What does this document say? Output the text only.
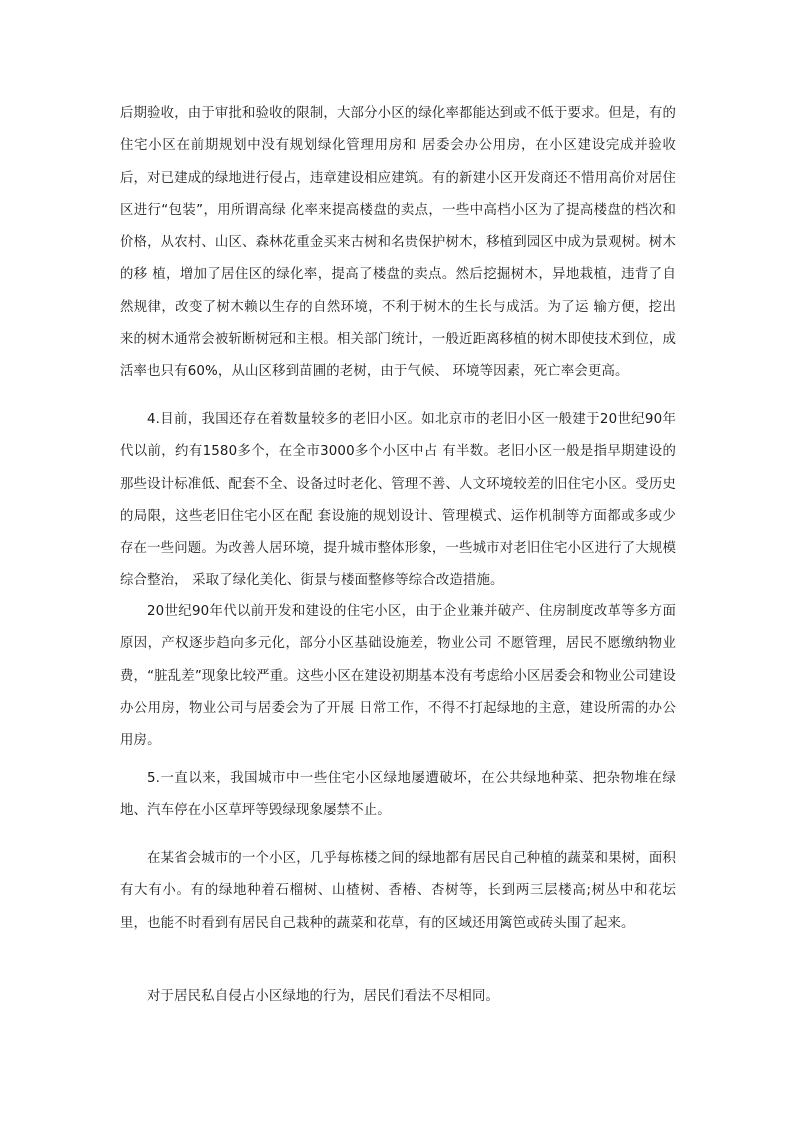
后期验收，由于审批和验收的限制，大部分小区的绿化率都能达到或不低于要求。但是，有的住宅小区在前期规划中没有规划绿化管理用房和 居委会办公用房，在小区建设完成并验收后，对已建成的绿地进行侵占，违章建设相应建筑。有的新建小区开发商还不惜用高价对居住区进行“包装”，用所谓高绿 化率来提高楼盘的卖点，一些中高档小区为了提高楼盘的档次和价格，从农村、山区、森林花重金买来古树和名贵保护树木，移植到园区中成为景观树。树木的移 植，增加了居住区的绿化率，提高了楼盘的卖点。然后挖掘树木，异地栽植，违背了自然规律，改变了树木赖以生存的自然环境，不利于树木的生长与成活。为了运 输方便，挖出来的树木通常会被斩断树冠和主根。相关部门统计，一般近距离移植的树木即使技术到位，成活率也只有60%，从山区移到苗圃的老树，由于气候、 环境等因素，死亡率会更高。

4.目前，我国还存在着数量较多的老旧小区。如北京市的老旧小区一般建于20世纪90年代以前，约有1580多个，在全市3000多个小区中占 有半数。老旧小区一般是指早期建设的那些设计标准低、配套不全、设备过时老化、管理不善、人文环境较差的旧住宅小区。受历史的局限，这些老旧住宅小区在配 套设施的规划设计、管理模式、运作机制等方面都或多或少存在一些问题。为改善人居环境，提升城市整体形象，一些城市对老旧住宅小区进行了大规模综合整治， 采取了绿化美化、街景与楼面整修等综合改造措施。

20世纪90年代以前开发和建设的住宅小区，由于企业兼并破产、住房制度改革等多方面原因，产权逐步趋向多元化，部分小区基础设施差，物业公司 不愿管理，居民不愿缴纳物业费，“脏乱差”现象比较严重。这些小区在建设初期基本没有考虑给小区居委会和物业公司建设办公用房，物业公司与居委会为了开展 日常工作，不得不打起绿地的主意，建设所需的办公用房。

5.一直以来，我国城市中一些住宅小区绿地屡遭破坏，在公共绿地种菜、把杂物堆在绿地、汽车停在小区草坪等毁绿现象屡禁不止。

在某省会城市的一个小区，几乎每栋楼之间的绿地都有居民自己种植的蔬菜和果树，面积有大有小。有的绿地种着石榴树、山楂树、香椿、杏树等，长到两三层楼高;树丛中和花坛里，也能不时看到有居民自己栽种的蔬菜和花草，有的区域还用篱笆或砖头围了起来。

对于居民私自侵占小区绿地的行为，居民们看法不尽相同。
